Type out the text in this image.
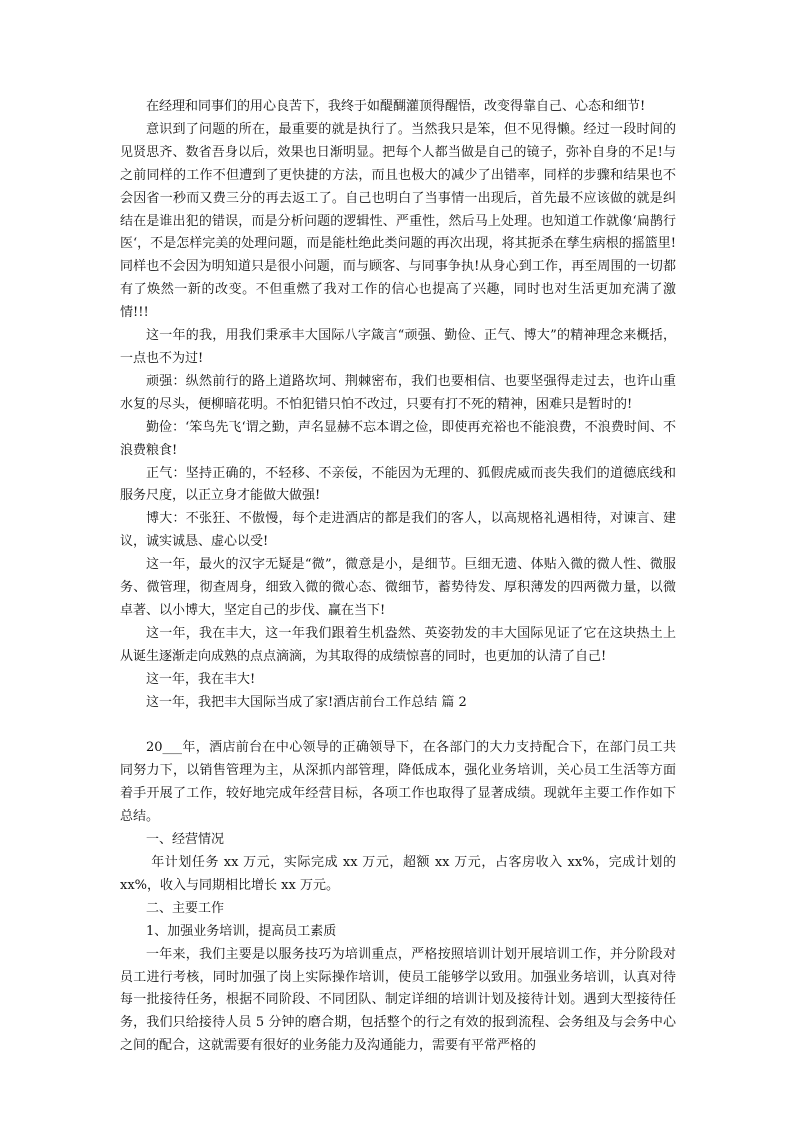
在经理和同事们的用心良苦下，我终于如醍醐灌顶得醒悟，改变得靠自己、心态和细节!

意识到了问题的所在，最重要的就是执行了。当然我只是笨，但不见得懒。经过一段时间的见贤思齐、数省吾身以后，效果也日渐明显。把每个人都当做是自己的镜子，弥补自身的不足!与之前同样的工作不但遭到了更快捷的方法，而且也极大的减少了出错率，同样的步骤和结果也不会因省一秒而又费三分的再去返工了。自己也明白了当事情一出现后，首先最不应该做的就是纠结在是谁出犯的错误，而是分析问题的逻辑性、严重性，然后马上处理。也知道工作就像‘扁鹊行医‘，不是怎样完美的处理问题，而是能杜绝此类问题的再次出现，将其扼杀在孳生病根的摇篮里!同样也不会因为明知道只是很小问题，而与顾客、与同事争执!从身心到工作，再至周围的一切都有了焕然一新的改变。不但重燃了我对工作的信心也提高了兴趣，同时也对生活更加充满了激情!!!

这一年的我，用我们秉承丰大国际八字箴言“顽强、勤俭、正气、博大”的精神理念来概括，一点也不为过!

顽强：纵然前行的路上道路坎坷、荆棘密布，我们也要相信、也要坚强得走过去，也许山重水复的尽头，便柳暗花明。不怕犯错只怕不改过，只要有打不死的精神，困难只是暂时的!

勤俭：‘笨鸟先飞‘谓之勤，声名显赫不忘本谓之俭，即使再充裕也不能浪费，不浪费时间、不浪费粮食!

正气：坚持正确的，不轻移、不亲佞，不能因为无理的、狐假虎威而丧失我们的道德底线和服务尺度，以正立身才能做大做强!

博大：不张狂、不傲慢，每个走进酒店的都是我们的客人，以高规格礼遇相待，对谏言、建议，诚实诚恳、虚心以受!

这一年，最火的汉字无疑是“微”，微意是小，是细节。巨细无遗、体贴入微的微人性、微服务、微管理，彻查周身，细致入微的微心态、微细节，蓄势待发、厚积薄发的四两微力量，以微卓著、以小博大，坚定自己的步伐、赢在当下!

这一年，我在丰大，这一年我们跟着生机盎然、英姿勃发的丰大国际见证了它在这块热土上从诞生逐渐走向成熟的点点滴滴，为其取得的成绩惊喜的同时，也更加的认清了自己!

这一年，我在丰大!

这一年，我把丰大国际当成了家!酒店前台工作总结 篇 2

20___年，酒店前台在中心领导的正确领导下，在各部门的大力支持配合下，在部门员工共同努力下，以销售管理为主，从深抓内部管理，降低成本，强化业务培训，关心员工生活等方面着手开展了工作，较好地完成年经营目标，各项工作也取得了显著成绩。现就年主要工作作如下总结。

一、经营情况

年计划任务 xx 万元，实际完成 xx 万元，超额 xx 万元，占客房收入 xx%，完成计划的 xx%，收入与同期相比增长 xx 万元。

二、主要工作

1、加强业务培训，提高员工素质

一年来，我们主要是以服务技巧为培训重点，严格按照培训计划开展培训工作，并分阶段对员工进行考核，同时加强了岗上实际操作培训，使员工能够学以致用。加强业务培训，认真对待每一批接待任务，根据不同阶段、不同团队、制定详细的培训计划及接待计划。遇到大型接待任务，我们只给接待人员 5 分钟的磨合期，包括整个的行之有效的报到流程、会务组及与会务中心之间的配合，这就需要有很好的业务能力及沟通能力，需要有平常严格的
